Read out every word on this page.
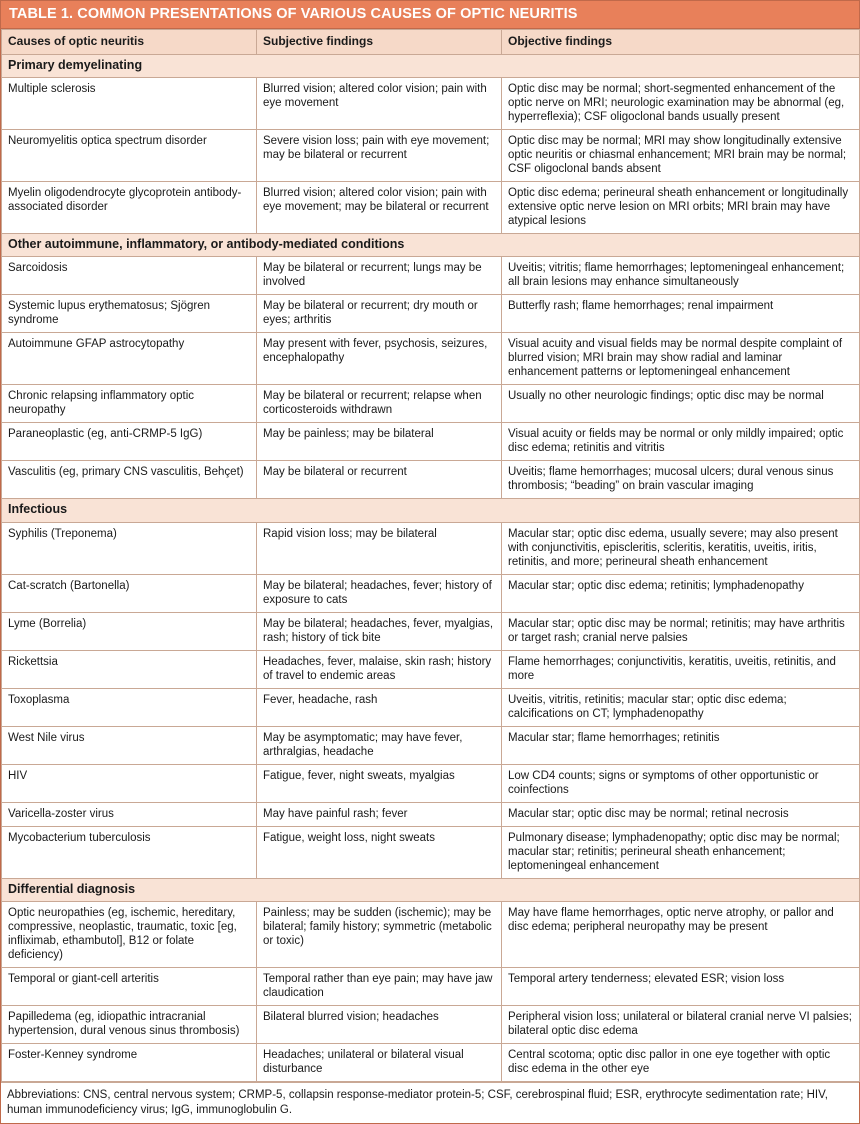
TABLE 1. COMMON PRESENTATIONS OF VARIOUS CAUSES OF OPTIC NEURITIS
Causes of optic neuritis	Subjective findings	Objective findings
Primary demyelinating		
Multiple sclerosis	Blurred vision; altered color vision; pain with eye movement	Optic disc may be normal; short-segmented enhancement of the optic nerve on MRI; neurologic examination may be abnormal (eg, hyperreflexia); CSF oligoclonal bands usually present
Neuromyelitis optica spectrum disorder	Severe vision loss; pain with eye movement; may be bilateral or recurrent	Optic disc may be normal; MRI may show longitudinally extensive optic neuritis or chiasmal enhancement; MRI brain may be normal; CSF oligoclonal bands absent
Myelin oligodendrocyte glycoprotein antibody-associated disorder	Blurred vision; altered color vision; pain with eye movement; may be bilateral or recurrent	Optic disc edema; perineural sheath enhancement or longitudinally extensive optic nerve lesion on MRI orbits; MRI brain may have atypical lesions
Other autoimmune, inflammatory, or antibody-mediated conditions		
Sarcoidosis	May be bilateral or recurrent; lungs may be involved	Uveitis; vitritis; flame hemorrhages; leptomeningeal enhancement; all brain lesions may enhance simultaneously
Systemic lupus erythematosus; Sjögren syndrome	May be bilateral or recurrent; dry mouth or eyes; arthritis	Butterfly rash; flame hemorrhages; renal impairment
Autoimmune GFAP astrocytopathy	May present with fever, psychosis, seizures, encephalopathy	Visual acuity and visual fields may be normal despite complaint of blurred vision; MRI brain may show radial and laminar enhancement patterns or leptomeningeal enhancement
Chronic relapsing inflammatory optic neuropathy	May be bilateral or recurrent; relapse when corticosteroids withdrawn	Usually no other neurologic findings; optic disc may be normal
Paraneoplastic (eg, anti-CRMP-5 IgG)	May be painless; may be bilateral	Visual acuity or fields may be normal or only mildly impaired; optic disc edema; retinitis and vitritis
Vasculitis (eg, primary CNS vasculitis, Behçet)	May be bilateral or recurrent	Uveitis; flame hemorrhages; mucosal ulcers; dural venous sinus thrombosis; “beading” on brain vascular imaging
Infectious		
Syphilis (Treponema)	Rapid vision loss; may be bilateral	Macular star; optic disc edema, usually severe; may also present with conjunctivitis, episcleritis, scleritis, keratitis, uveitis, iritis, retinitis, and more; perineural sheath enhancement
Cat-scratch (Bartonella)	May be bilateral; headaches, fever; history of exposure to cats	Macular star; optic disc edema; retinitis; lymphadenopathy
Lyme (Borrelia)	May be bilateral; headaches, fever, myalgias, rash; history of tick bite	Macular star; optic disc may be normal; retinitis; may have arthritis or target rash; cranial nerve palsies
Rickettsia	Headaches, fever, malaise, skin rash; history of travel to endemic areas	Flame hemorrhages; conjunctivitis, keratitis, uveitis, retinitis, and more
Toxoplasma	Fever, headache, rash	Uveitis, vitritis, retinitis; macular star; optic disc edema; calcifications on CT; lymphadenopathy
West Nile virus	May be asymptomatic; may have fever, arthralgias, headache	Macular star; flame hemorrhages; retinitis
HIV	Fatigue, fever, night sweats, myalgias	Low CD4 counts; signs or symptoms of other opportunistic or coinfections
Varicella-zoster virus	May have painful rash; fever	Macular star; optic disc may be normal; retinal necrosis
Mycobacterium tuberculosis	Fatigue, weight loss, night sweats	Pulmonary disease; lymphadenopathy; optic disc may be normal; macular star; retinitis; perineural sheath enhancement; leptomeningeal enhancement
Differential diagnosis		
Optic neuropathies (eg, ischemic, hereditary, compressive, neoplastic, traumatic, toxic [eg, infliximab, ethambutol], B12 or folate deficiency)	Painless; may be sudden (ischemic); may be bilateral; family history; symmetric (metabolic or toxic)	May have flame hemorrhages, optic nerve atrophy, or pallor and disc edema; peripheral neuropathy may be present
Temporal or giant-cell arteritis	Temporal rather than eye pain; may have jaw claudication	Temporal artery tenderness; elevated ESR; vision loss
Papilledema (eg, idiopathic intracranial hypertension, dural venous sinus thrombosis)	Bilateral blurred vision; headaches	Peripheral vision loss; unilateral or bilateral cranial nerve VI palsies; bilateral optic disc edema
Foster-Kenney syndrome	Headaches; unilateral or bilateral visual disturbance	Central scotoma; optic disc pallor in one eye together with optic disc edema in the other eye
Abbreviations: CNS, central nervous system; CRMP-5, collapsin response-mediator protein-5; CSF, cerebrospinal fluid; ESR, erythrocyte sedimentation rate; HIV, human immunodeficiency virus; IgG, immunoglobulin G.
